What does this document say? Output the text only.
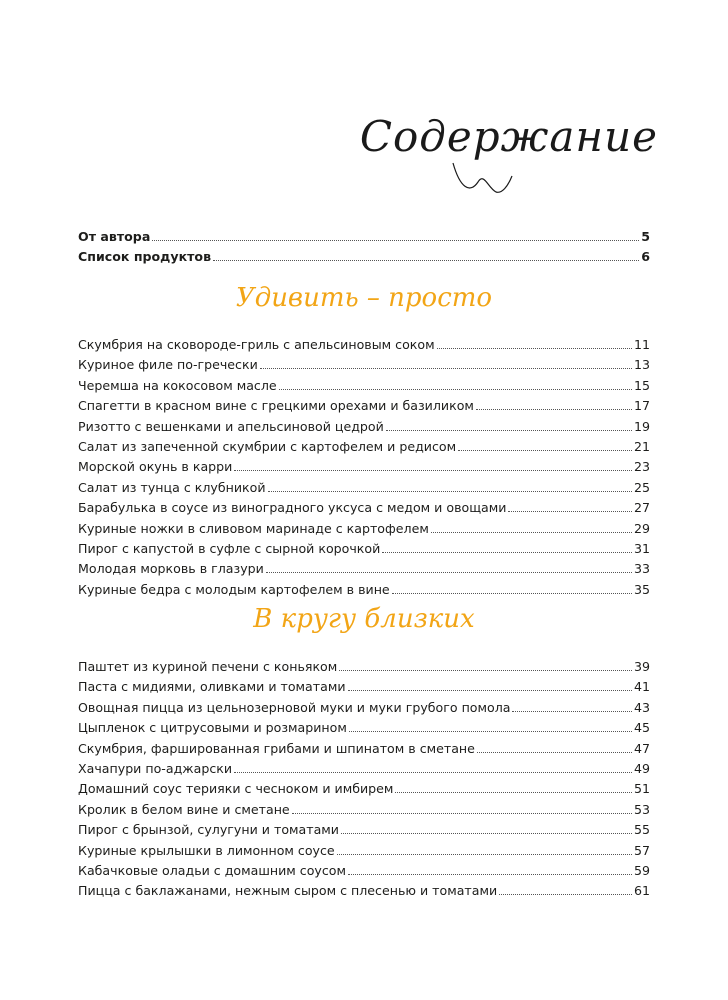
Содержание
От автора	5
Список продуктов	6
Удивить – просто
Скумбрия на сковороде-гриль с апельсиновым соком	11
Куриное филе по-гречески	13
Черемша на кокосовом масле	15
Спагетти в красном вине с грецкими орехами и базиликом	17
Ризотто с вешенками и апельсиновой цедрой	19
Салат из запеченной скумбрии с картофелем и редисом	21
Морской окунь в карри	23
Салат из тунца с клубникой	25
Барабулька в соусе из виноградного уксуса с медом и овощами	27
Куриные ножки в сливовом маринаде с картофелем	29
Пирог с капустой в суфле с сырной корочкой	31
Молодая морковь в глазури	33
Куриные бедра с молодым картофелем в вине	35
В кругу близких
Паштет из куриной печени с коньяком	39
Паста с мидиями, оливками и томатами	41
Овощная пицца из цельнозерновой муки и муки грубого помола	43
Цыпленок с цитрусовыми и розмарином	45
Скумбрия, фаршированная грибами и шпинатом в сметане	47
Хачапури по-аджарски	49
Домашний соус терияки с чесноком и имбирем	51
Кролик в белом вине и сметане	53
Пирог с брынзой, сулугуни и томатами	55
Куриные крылышки в лимонном соусе	57
Кабачковые оладьи с домашним соусом	59
Пицца с баклажанами, нежным сыром с плесенью и томатами	61
